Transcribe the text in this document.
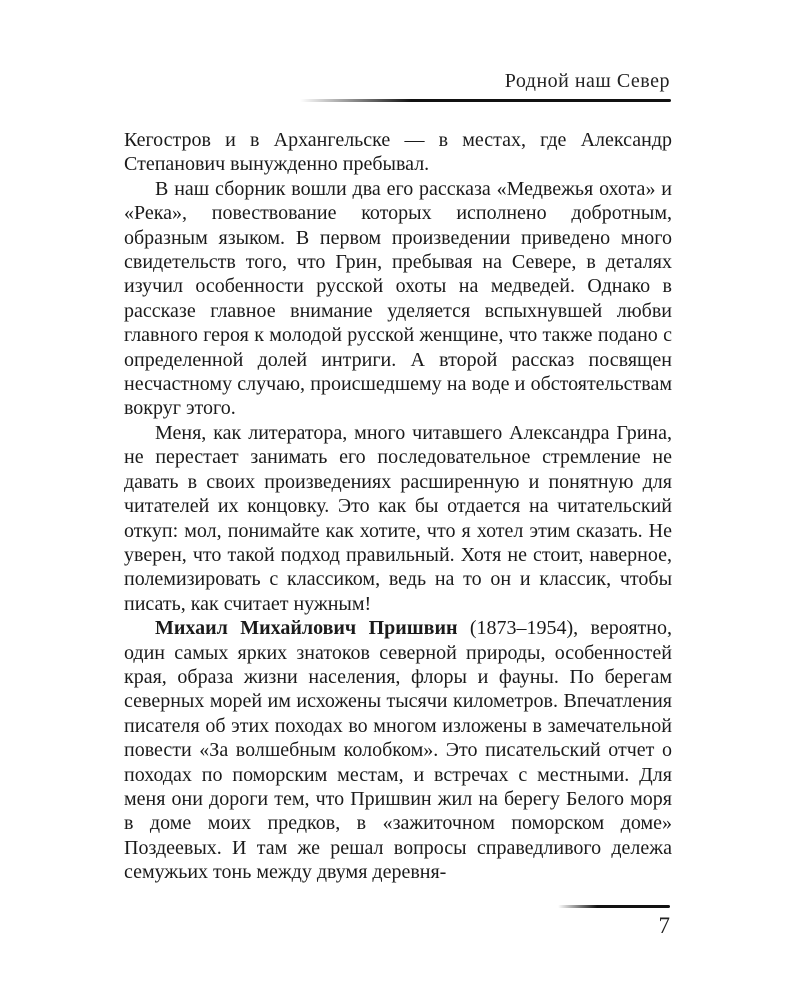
Родной наш Север

Кегостров и в Архангельске — в местах, где Александр Степанович вынужденно пребывал.

В наш сборник вошли два его рассказа «Медвежья охота» и «Река», повествование которых исполнено добротным, образным языком. В первом произведении приведено много свидетельств того, что Грин, пребывая на Севере, в деталях изучил особенности русской охоты на медведей. Однако в рассказе главное внимание уделяется вспыхнувшей любви главного героя к молодой русской женщине, что также подано с определенной долей интриги. А второй рассказ посвящен несчастному случаю, происшедшему на воде и обстоятельствам вокруг этого.

Меня, как литератора, много читавшего Александра Грина, не перестает занимать его последовательное стремление не давать в своих произведениях расширенную и понятную для читателей их концовку. Это как бы отдается на читательский откуп: мол, понимайте как хотите, что я хотел этим сказать. Не уверен, что такой подход правильный. Хотя не стоит, наверное, полемизировать с классиком, ведь на то он и классик, чтобы писать, как считает нужным!

Михаил Михайлович Пришвин (1873–1954), вероятно, один самых ярких знатоков северной природы, особенностей края, образа жизни населения, флоры и фауны. По берегам северных морей им исхожены тысячи километров. Впечатления писателя об этих походах во многом изложены в замечательной повести «За волшебным колобком». Это писательский отчет о походах по поморским местам, и встречах с местными. Для меня они дороги тем, что Пришвин жил на берегу Белого моря в доме моих предков, в «зажиточном поморском доме» Поздеевых. И там же решал вопросы справедливого дележа семужьих тонь между двумя деревня-

7
